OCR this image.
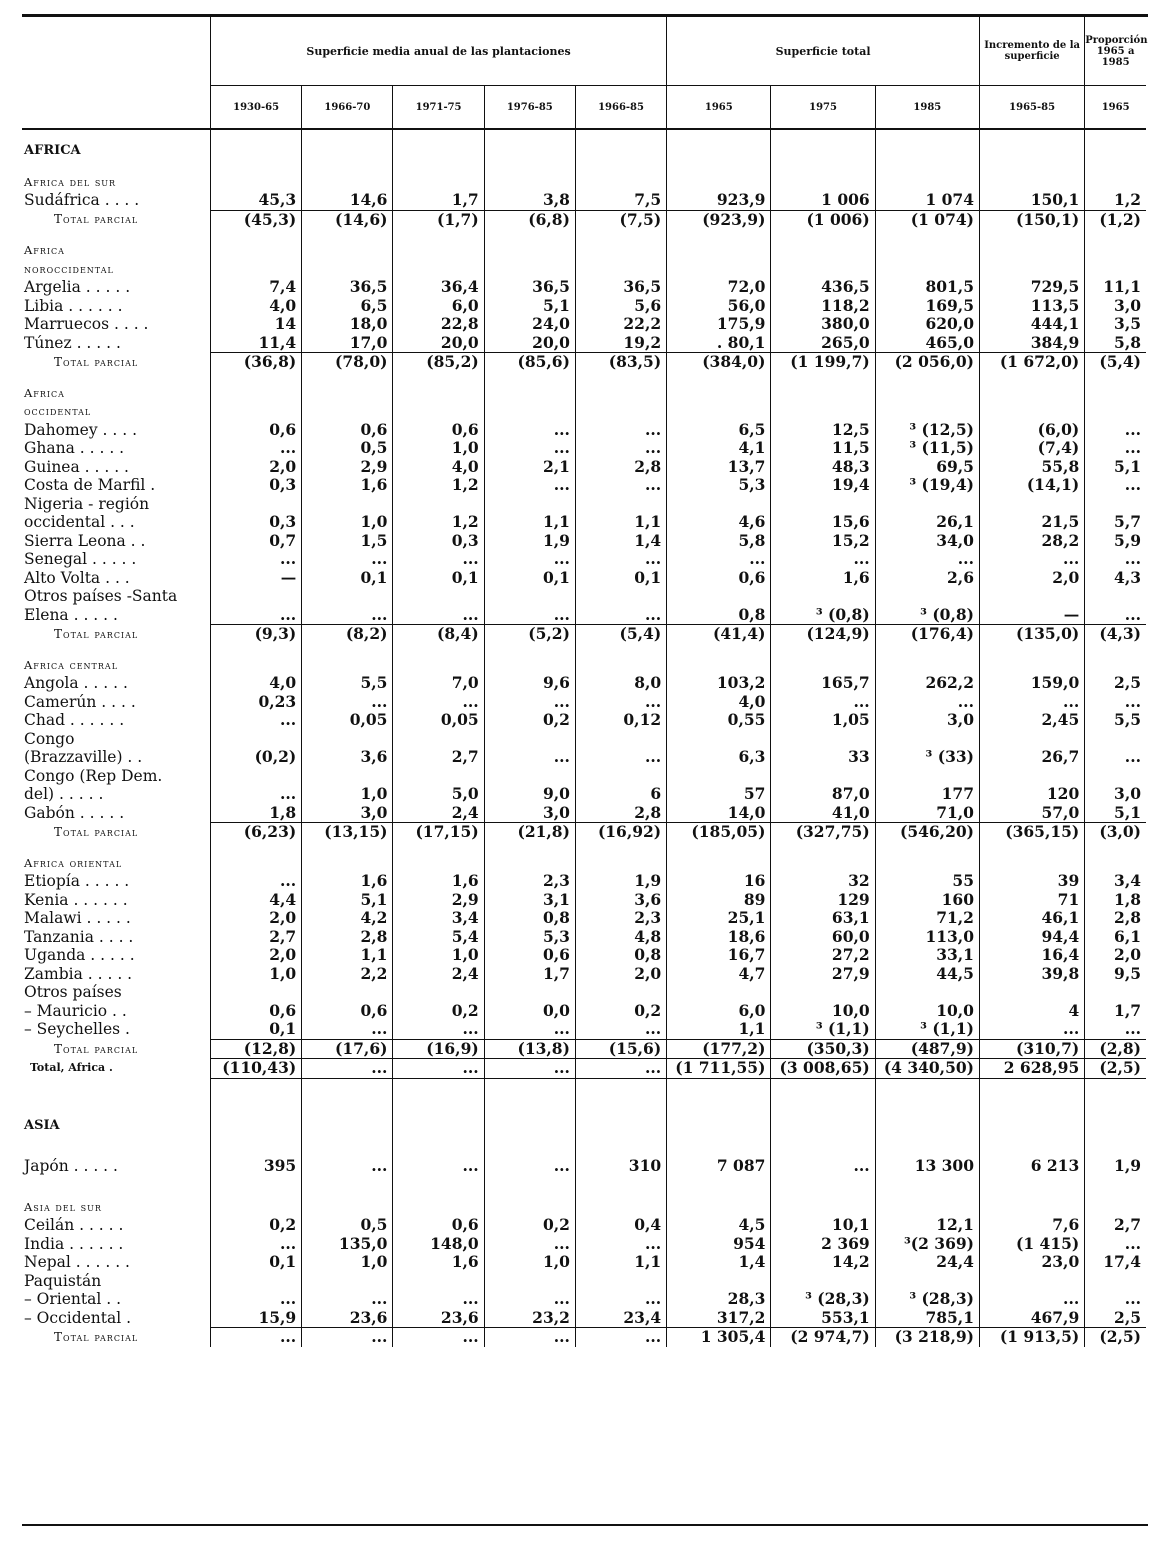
	Superficie media anual de las plantaciones					Superficie total			Incremento de la superficie	Proporción 1965 a 1985
	1930-65	1966-70	1971-75	1976-85	1966-85	1965	1975	1985	1965-85	1965

AFRICA										

Africa del sur										
Sudáfrica . . . .	45,3	14,6	1,7	3,8	7,5	923,9	1 006	1 074	150,1	1,2
Total parcial	(45,3)	(14,6)	(1,7)	(6,8)	(7,5)	(923,9)	(1 006)	(1 074)	(150,1)	(1,2)

Africa										
noroccidental										
Argelia . . . . .	7,4	36,5	36,4	36,5	36,5	72,0	436,5	801,5	729,5	11,1
Libia . . . . . .	4,0	6,5	6,0	5,1	5,6	56,0	118,2	169,5	113,5	3,0
Marruecos . . . .	14	18,0	22,8	24,0	22,2	175,9	380,0	620,0	444,1	3,5
Túnez . . . . .	11,4	17,0	20,0	20,0	19,2	. 80,1	265,0	465,0	384,9	5,8
Total parcial	(36,8)	(78,0)	(85,2)	(85,6)	(83,5)	(384,0)	(1 199,7)	(2 056,0)	(1 672,0)	(5,4)

Africa										
occidental										
Dahomey . . . .	0,6	0,6	0,6	...	...	6,5	12,5	³ (12,5)	(6,0)	...
Ghana . . . . .	...	0,5	1,0	...	...	4,1	11,5	³ (11,5)	(7,4)	...
Guinea . . . . .	2,0	2,9	4,0	2,1	2,8	13,7	48,3	69,5	55,8	5,1
Costa de Marfil .	0,3	1,6	1,2	...	...	5,3	19,4	³ (19,4)	(14,1)	...
Nigeria - región										
occidental . . .	0,3	1,0	1,2	1,1	1,1	4,6	15,6	26,1	21,5	5,7
Sierra Leona . .	0,7	1,5	0,3	1,9	1,4	5,8	15,2	34,0	28,2	5,9
Senegal . . . . .	...	...	...	...	...	...	...	...	...	...
Alto Volta . . .	—	0,1	0,1	0,1	0,1	0,6	1,6	2,6	2,0	4,3
Otros países -Santa										
Elena . . . . .	...	...	...	...	...	0,8	³ (0,8)	³ (0,8)	—	...
Total parcial	(9,3)	(8,2)	(8,4)	(5,2)	(5,4)	(41,4)	(124,9)	(176,4)	(135,0)	(4,3)

Africa central										
Angola . . . . .	4,0	5,5	7,0	9,6	8,0	103,2	165,7	262,2	159,0	2,5
Camerún . . . .	0,23	...	...	...	...	4,0	...	...	...	...
Chad . . . . . .	...	0,05	0,05	0,2	0,12	0,55	1,05	3,0	2,45	5,5
Congo										
(Brazzaville) . .	(0,2)	3,6	2,7	...	...	6,3	33	³ (33)	26,7	...
Congo (Rep Dem.										
del) . . . . .	...	1,0	5,0	9,0	6	57	87,0	177	120	3,0
Gabón . . . . .	1,8	3,0	2,4	3,0	2,8	14,0	41,0	71,0	57,0	5,1
Total parcial	(6,23)	(13,15)	(17,15)	(21,8)	(16,92)	(185,05)	(327,75)	(546,20)	(365,15)	(3,0)

Africa oriental										
Etiopía . . . . .	...	1,6	1,6	2,3	1,9	16	32	55	39	3,4
Kenia . . . . . .	4,4	5,1	2,9	3,1	3,6	89	129	160	71	1,8
Malawi . . . . .	2,0	4,2	3,4	0,8	2,3	25,1	63,1	71,2	46,1	2,8
Tanzania . . . .	2,7	2,8	5,4	5,3	4,8	18,6	60,0	113,0	94,4	6,1
Uganda . . . . .	2,0	1,1	1,0	0,6	0,8	16,7	27,2	33,1	16,4	2,0
Zambia . . . . .	1,0	2,2	2,4	1,7	2,0	4,7	27,9	44,5	39,8	9,5
Otros países										
– Mauricio . .	0,6	0,6	0,2	0,0	0,2	6,0	10,0	10,0	4	1,7
– Seychelles .	0,1	...	...	...	...	1,1	³ (1,1)	³ (1,1)	...	...
Total parcial	(12,8)	(17,6)	(16,9)	(13,8)	(15,6)	(177,2)	(350,3)	(487,9)	(310,7)	(2,8)
Total, Africa .	(110,43)	...	...	...	...	(1 711,55)	(3 008,65)	(4 340,50)	2 628,95	(2,5)

ASIA										

Japón . . . . .	395	...	...	...	310	7 087	...	13 300	6 213	1,9

Asia del sur										
Ceilán . . . . .	0,2	0,5	0,6	0,2	0,4	4,5	10,1	12,1	7,6	2,7
India . . . . . .	...	135,0	148,0	...	...	954	2 369	³(2 369)	(1 415)	...
Nepal . . . . . .	0,1	1,0	1,6	1,0	1,1	1,4	14,2	24,4	23,0	17,4
Paquistán										
– Oriental . .	...	...	...	...	...	28,3	³ (28,3)	³ (28,3)	...	...
– Occidental .	15,9	23,6	23,6	23,2	23,4	317,2	553,1	785,1	467,9	2,5
Total parcial	...	...	...	...	...	1 305,4	(2 974,7)	(3 218,9)	(1 913,5)	(2,5)
